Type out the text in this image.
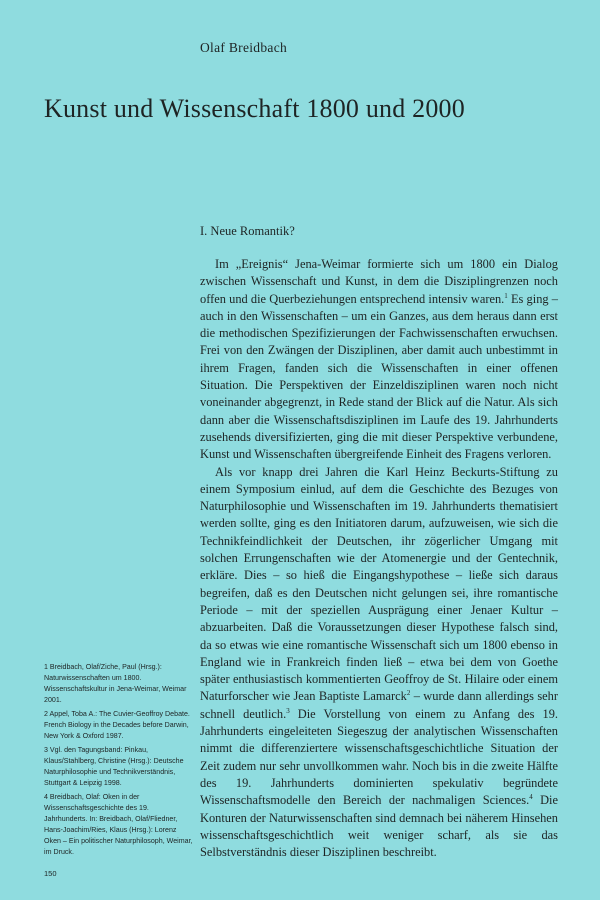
Olaf Breidbach
Kunst und Wissenschaft 1800 und 2000
I. Neue Romantik?

Im „Ereignis“ Jena-Weimar formierte sich um 1800 ein Dialog zwischen Wissenschaft und Kunst, in dem die Disziplingrenzen noch offen und die Querbeziehungen entsprechend intensiv waren.$^1$ Es ging – auch in den Wissenschaften – um ein Ganzes, aus dem heraus dann erst die methodischen Spezifizierungen der Fachwissenschaften erwuchsen. Frei von den Zwängen der Disziplinen, aber damit auch unbestimmt in ihrem Fragen, fanden sich die Wissenschaften in einer offenen Situation. Die Perspektiven der Einzeldisziplinen waren noch nicht voneinander abgegrenzt, in Rede stand der Blick auf die Natur. Als sich dann aber die Wissenschaftsdisziplinen im Laufe des 19. Jahrhunderts zusehends diversifizierten, ging die mit dieser Perspektive verbundene, Kunst und Wissenschaften übergreifende Einheit des Fragens verloren.

Als vor knapp drei Jahren die Karl Heinz Beckurts-Stiftung zu einem Symposium einlud, auf dem die Geschichte des Bezuges von Naturphilosophie und Wissenschaften im 19. Jahrhunderts thematisiert werden sollte, ging es den Initiatoren darum, aufzuweisen, wie sich die Technikfeindlichkeit der Deutschen, ihr zögerlicher Umgang mit solchen Errungenschaften wie der Atomenergie und der Gentechnik, erkläre. Dies – so hieß die Eingangshypothese – ließe sich daraus begreifen, daß es den Deutschen nicht gelungen sei, ihre romantische Periode – mit der speziellen Ausprägung einer Jenaer Kultur – abzuarbeiten. Daß die Voraussetzungen dieser Hypothese falsch sind, da so etwas wie eine romantische Wissenschaft sich um 1800 ebenso in England wie in Frankreich finden ließ – etwa bei dem von Goethe später enthusiastisch kommentierten Geoffroy de St. Hilaire oder einem Naturforscher wie Jean Baptiste Lamarck$^2$ – wurde dann allerdings sehr schnell deutlich.$^3$ Die Vorstellung von einem zu Anfang des 19. Jahrhunderts eingeleiteten Siegeszug der analytischen Wissenschaften nimmt die differenziertere wissenschaftsgeschichtliche Situation der Zeit zudem nur sehr unvollkommen wahr. Noch bis in die zweite Hälfte des 19. Jahrhunderts dominierten spekulativ begründete Wissenschaftsmodelle den Bereich der nachmaligen Sciences.$^4$ Die Konturen der Naturwissenschaften sind demnach bei näherem Hinsehen wissenschaftsgeschichtlich weit weniger scharf, als sie das Selbstverständnis dieser Disziplinen beschreibt.

1 Breidbach, Olaf/Ziche, Paul (Hrsg.): Naturwissenschaften um 1800. Wissenschaftskultur in Jena-Weimar, Weimar 2001.

2 Appel, Toba A.: The Cuvier-Geoffroy Debate. French Biology in the Decades before Darwin, New York & Oxford 1987.

3 Vgl. den Tagungsband: Pinkau, Klaus/Stahlberg, Christine (Hrsg.): Deutsche Naturphilosophie und Technikverständnis, Stuttgart & Leipzig 1998.

4 Breidbach, Olaf: Oken in der Wissenschaftsgeschichte des 19. Jahrhunderts. In: Breidbach, Olaf/Fliedner, Hans-Joachim/Ries, Klaus (Hrsg.): Lorenz Oken – Ein politischer Naturphilosoph, Weimar, im Druck.

150
